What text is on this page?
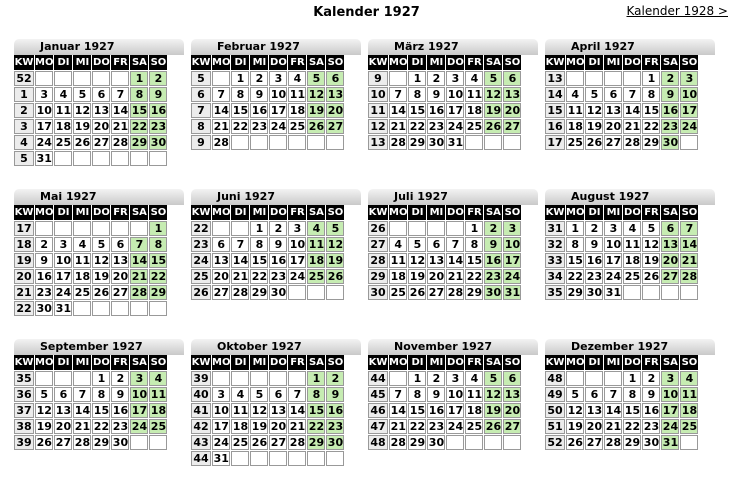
Kalender 1927	Kalender 1928 >
Januar 1927
KW	MO	DI	MI	DO	FR	SA	SO
52						1	2
1	3	4	5	6	7	8	9
2	10	11	12	13	14	15	16
3	17	18	19	20	21	22	23
4	24	25	26	27	28	29	30
5	31						
Februar 1927
KW	MO	DI	MI	DO	FR	SA	SO
5		1	2	3	4	5	6
6	7	8	9	10	11	12	13
7	14	15	16	17	18	19	20
8	21	22	23	24	25	26	27
9	28						
März 1927
KW	MO	DI	MI	DO	FR	SA	SO
9		1	2	3	4	5	6
10	7	8	9	10	11	12	13
11	14	15	16	17	18	19	20
12	21	22	23	24	25	26	27
13	28	29	30	31			
April 1927
KW	MO	DI	MI	DO	FR	SA	SO
13					1	2	3
14	4	5	6	7	8	9	10
15	11	12	13	14	15	16	17
16	18	19	20	21	22	23	24
17	25	26	27	28	29	30	
Mai 1927
KW	MO	DI	MI	DO	FR	SA	SO
17							1
18	2	3	4	5	6	7	8
19	9	10	11	12	13	14	15
20	16	17	18	19	20	21	22
21	23	24	25	26	27	28	29
22	30	31					
Juni 1927
KW	MO	DI	MI	DO	FR	SA	SO
22			1	2	3	4	5
23	6	7	8	9	10	11	12
24	13	14	15	16	17	18	19
25	20	21	22	23	24	25	26
26	27	28	29	30			
Juli 1927
KW	MO	DI	MI	DO	FR	SA	SO
26					1	2	3
27	4	5	6	7	8	9	10
28	11	12	13	14	15	16	17
29	18	19	20	21	22	23	24
30	25	26	27	28	29	30	31
August 1927
KW	MO	DI	MI	DO	FR	SA	SO
31	1	2	3	4	5	6	7
32	8	9	10	11	12	13	14
33	15	16	17	18	19	20	21
34	22	23	24	25	26	27	28
35	29	30	31				
September 1927
KW	MO	DI	MI	DO	FR	SA	SO
35				1	2	3	4
36	5	6	7	8	9	10	11
37	12	13	14	15	16	17	18
38	19	20	21	22	23	24	25
39	26	27	28	29	30		
Oktober 1927
KW	MO	DI	MI	DO	FR	SA	SO
39						1	2
40	3	4	5	6	7	8	9
41	10	11	12	13	14	15	16
42	17	18	19	20	21	22	23
43	24	25	26	27	28	29	30
44	31						
November 1927
KW	MO	DI	MI	DO	FR	SA	SO
44		1	2	3	4	5	6
45	7	8	9	10	11	12	13
46	14	15	16	17	18	19	20
47	21	22	23	24	25	26	27
48	28	29	30				
Dezember 1927
KW	MO	DI	MI	DO	FR	SA	SO
48				1	2	3	4
49	5	6	7	8	9	10	11
50	12	13	14	15	16	17	18
51	19	20	21	22	23	24	25
52	26	27	28	29	30	31	
